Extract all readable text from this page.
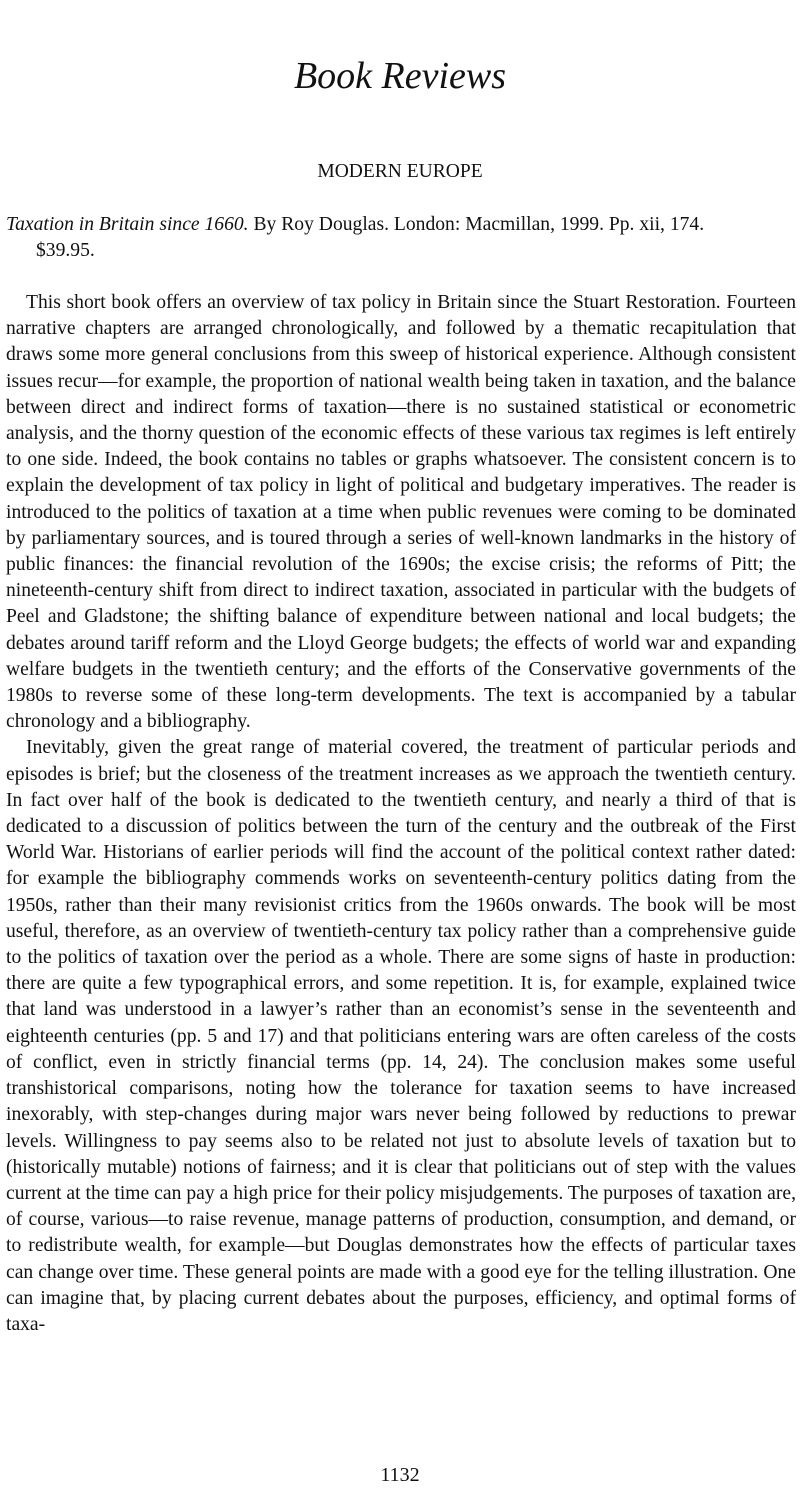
Book Reviews
MODERN EUROPE

Taxation in Britain since 1660. By Roy Douglas. London: Macmillan, 1999. Pp. xii, 174.
$39.95.

This short book offers an overview of tax policy in Britain since the Stuart Restoration. Fourteen narrative chapters are arranged chronologically, and followed by a thematic recapitulation that draws some more general conclusions from this sweep of historical experience. Although consistent issues recur—for example, the proportion of national wealth being taken in taxation, and the balance between direct and indirect forms of taxation—there is no sustained statistical or econometric analysis, and the thorny question of the economic effects of these various tax regimes is left entirely to one side. Indeed, the book contains no tables or graphs whatsoever. The consistent concern is to explain the development of tax policy in light of political and budgetary imperatives. The reader is introduced to the politics of taxation at a time when public revenues were coming to be dominated by parliamentary sources, and is toured through a series of well-known landmarks in the history of public finances: the financial revolution of the 1690s; the excise crisis; the reforms of Pitt; the nineteenth-century shift from direct to indirect taxation, associated in particular with the budgets of Peel and Gladstone; the shifting balance of expenditure between national and local budgets; the debates around tariff reform and the Lloyd George budgets; the effects of world war and expanding welfare budgets in the twentieth century; and the efforts of the Conservative governments of the 1980s to reverse some of these long-term developments. The text is accompanied by a tabular chronology and a bibliography.

Inevitably, given the great range of material covered, the treatment of particular periods and episodes is brief; but the closeness of the treatment increases as we approach the twentieth century. In fact over half of the book is dedicated to the twentieth century, and nearly a third of that is dedicated to a discussion of politics between the turn of the century and the outbreak of the First World War. Historians of earlier periods will find the account of the political context rather dated: for example the bibliography commends works on seventeenth-century politics dating from the 1950s, rather than their many revisionist critics from the 1960s onwards. The book will be most useful, therefore, as an overview of twentieth-century tax policy rather than a comprehensive guide to the politics of taxation over the period as a whole. There are some signs of haste in production: there are quite a few typographical errors, and some repetition. It is, for example, explained twice that land was understood in a lawyer’s rather than an economist’s sense in the seventeenth and eighteenth centuries (pp. 5 and 17) and that politicians entering wars are often careless of the costs of conflict, even in strictly financial terms (pp. 14, 24). The conclusion makes some useful transhistorical comparisons, noting how the tolerance for taxation seems to have increased inexorably, with step-changes during major wars never being followed by reductions to prewar levels. Willingness to pay seems also to be related not just to absolute levels of taxation but to (historically mutable) notions of fairness; and it is clear that politicians out of step with the values current at the time can pay a high price for their policy misjudgements. The purposes of taxation are, of course, various—to raise revenue, manage patterns of production, consumption, and demand, or to redistribute wealth, for example—but Douglas demonstrates how the effects of particular taxes can change over time. These general points are made with a good eye for the telling illustration. One can imagine that, by placing current debates about the purposes, efficiency, and optimal forms of taxa-

1132
